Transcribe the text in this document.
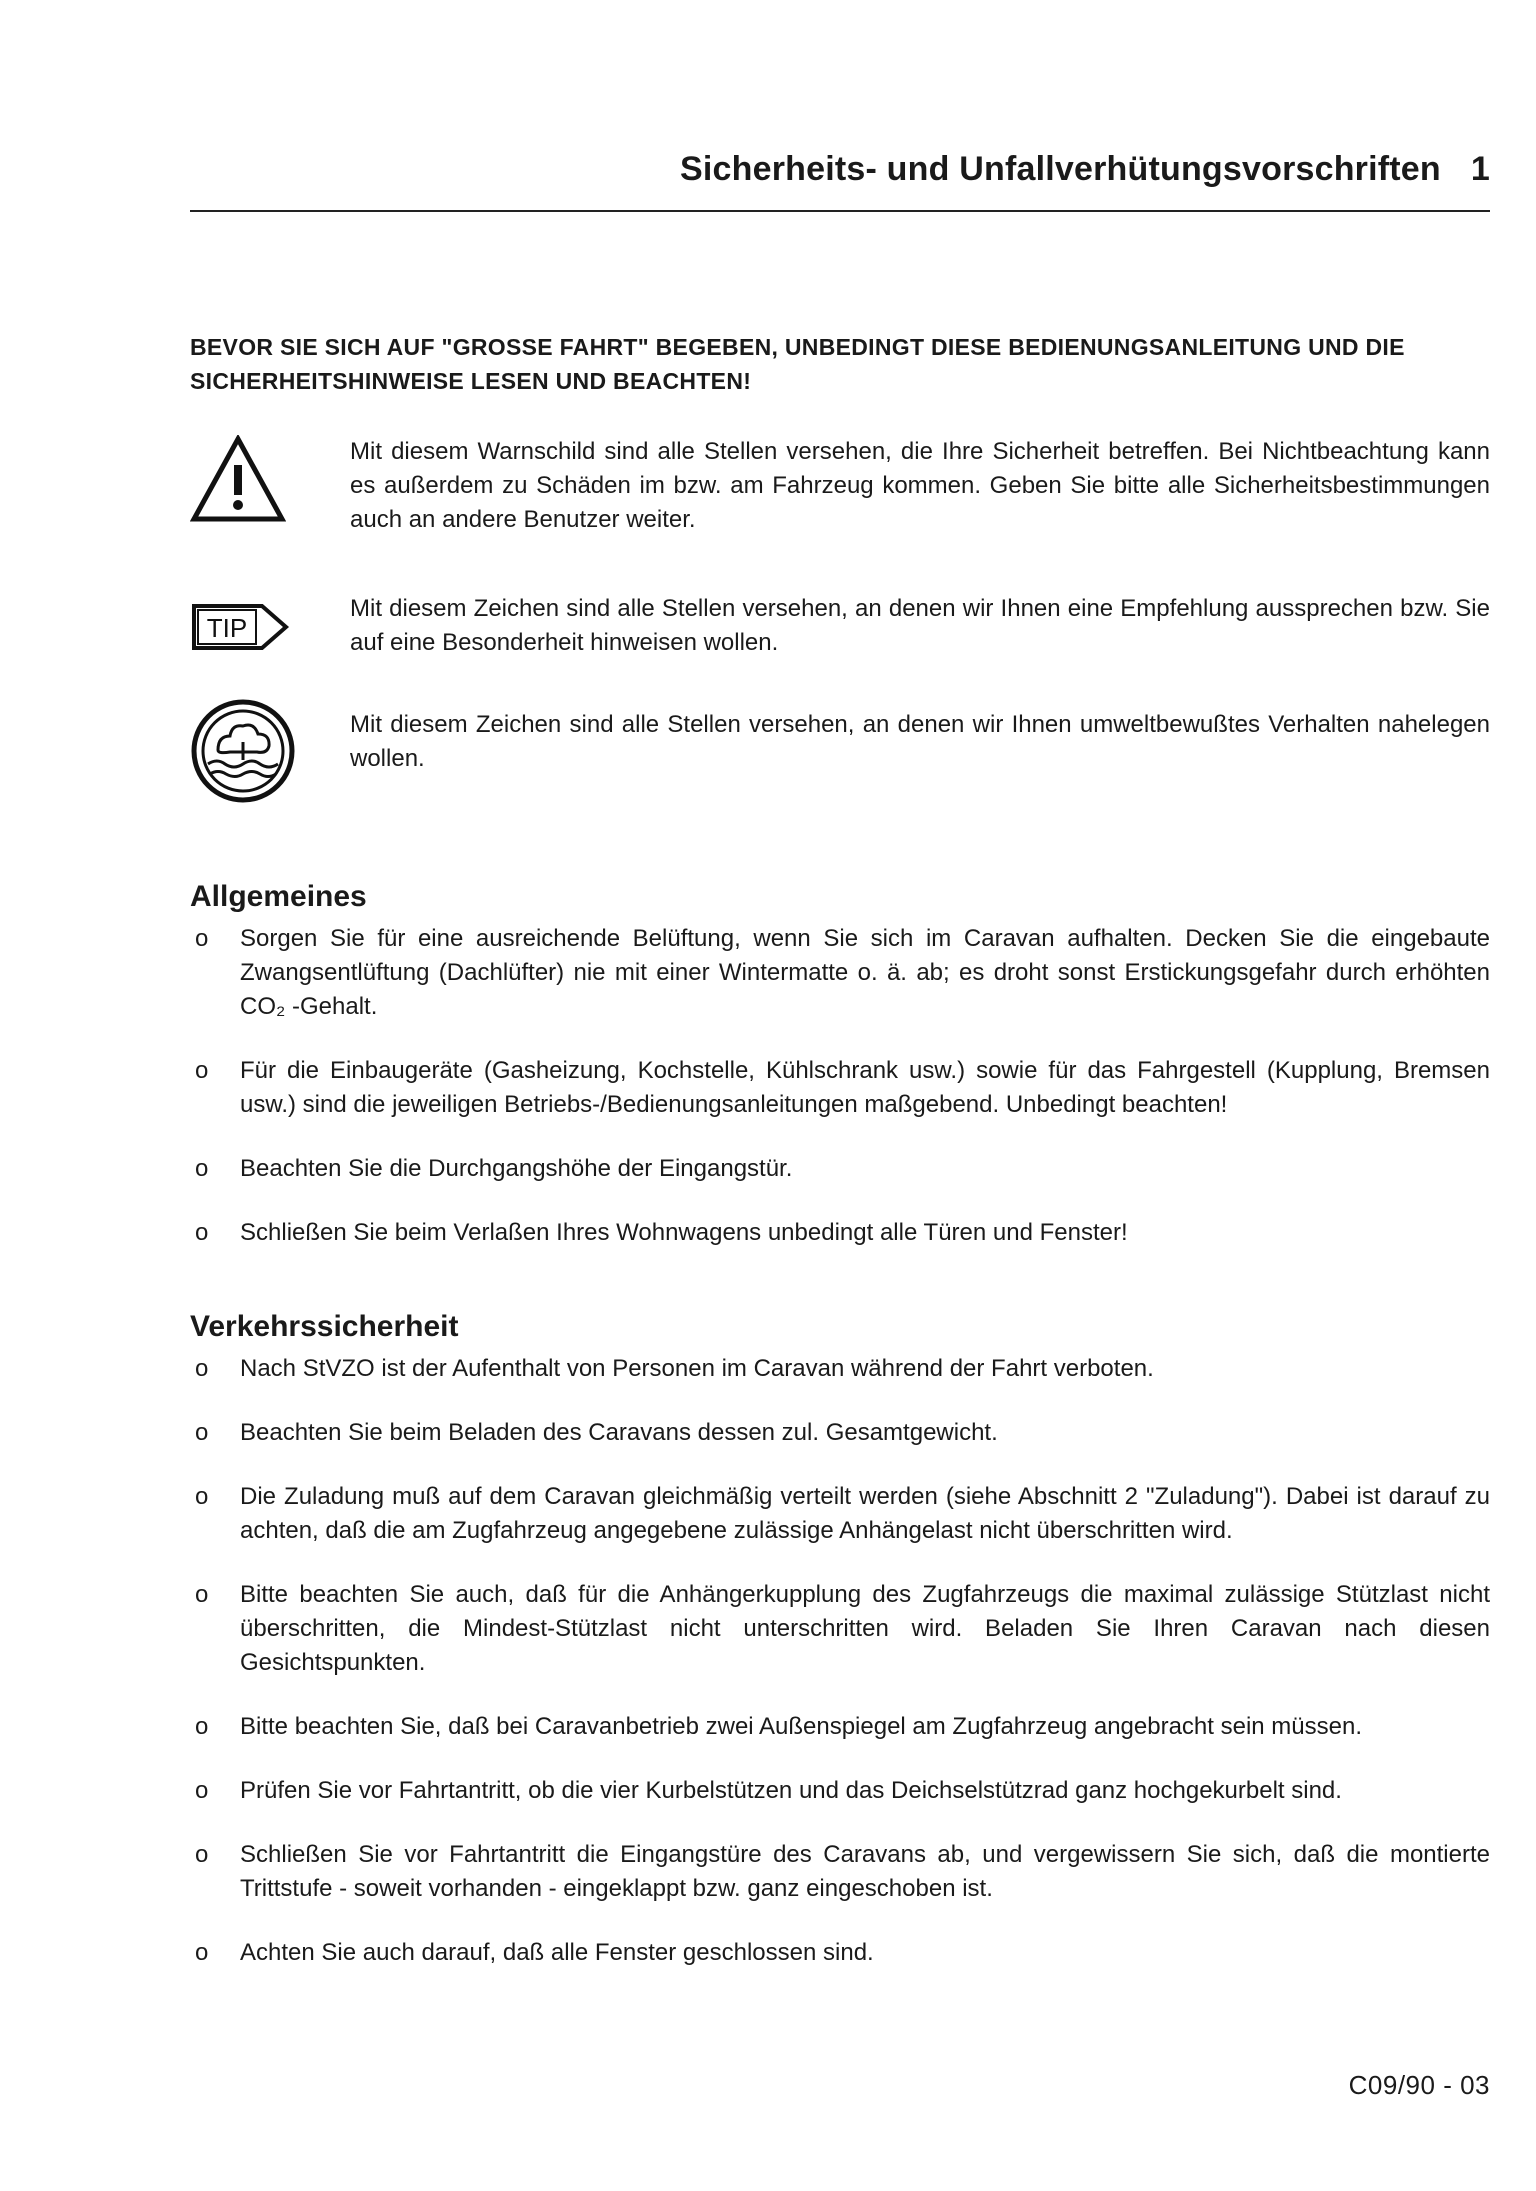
Sicherheits- und Unfallverhütungsvorschriften 1
BEVOR SIE SICH AUF "GROSSE FAHRT" BEGEBEN, UNBEDINGT DIESE BEDIENUNGSANLEITUNG UND DIE SICHERHEITSHINWEISE LESEN UND BEACHTEN!
Mit diesem Warnschild sind alle Stellen versehen, die Ihre Sicherheit betreffen. Bei Nichtbeachtung kann es außerdem zu Schäden im bzw. am Fahrzeug kommen. Geben Sie bitte alle Sicherheitsbestimmungen auch an andere Benutzer weiter.
TIP
Mit diesem Zeichen sind alle Stellen versehen, an denen wir Ihnen eine Empfehlung aussprechen bzw. Sie auf eine Besonderheit hinweisen wollen.
Mit diesem Zeichen sind alle Stellen versehen, an denen wir Ihnen umweltbewußtes Verhalten nahelegen wollen.
Allgemeines
o Sorgen Sie für eine ausreichende Belüftung, wenn Sie sich im Caravan aufhalten. Decken Sie die eingebaute Zwangsentlüftung (Dachlüfter) nie mit einer Wintermatte o. ä. ab; es droht sonst Erstickungsgefahr durch erhöhten CO₂ -Gehalt.
o Für die Einbaugeräte (Gasheizung, Kochstelle, Kühlschrank usw.) sowie für das Fahrgestell (Kupplung, Bremsen usw.) sind die jeweiligen Betriebs-/Bedienungsanleitungen maßgebend. Unbedingt beachten!
o Beachten Sie die Durchgangshöhe der Eingangstür.
o Schließen Sie beim Verlaßen Ihres Wohnwagens unbedingt alle Türen und Fenster!
Verkehrssicherheit
o Nach StVZO ist der Aufenthalt von Personen im Caravan während der Fahrt verboten.
o Beachten Sie beim Beladen des Caravans dessen zul. Gesamtgewicht.
o Die Zuladung muß auf dem Caravan gleichmäßig verteilt werden (siehe Abschnitt 2 "Zuladung"). Dabei ist darauf zu achten, daß die am Zugfahrzeug angegebene zulässige Anhängelast nicht überschritten wird.
o Bitte beachten Sie auch, daß für die Anhängerkupplung des Zugfahrzeugs die maximal zulässige Stützlast nicht überschritten, die Mindest-Stützlast nicht unterschritten wird. Beladen Sie Ihren Caravan nach diesen Gesichtspunkten.
o Bitte beachten Sie, daß bei Caravanbetrieb zwei Außenspiegel am Zugfahrzeug angebracht sein müssen.
o Prüfen Sie vor Fahrtantritt, ob die vier Kurbelstützen und das Deichselstützrad ganz hochgekurbelt sind.
o Schließen Sie vor Fahrtantritt die Eingangstüre des Caravans ab, und vergewissern Sie sich, daß die montierte Trittstufe - soweit vorhanden - eingeklappt bzw. ganz eingeschoben ist.
o Achten Sie auch darauf, daß alle Fenster geschlossen sind.
C09/90 - 03
